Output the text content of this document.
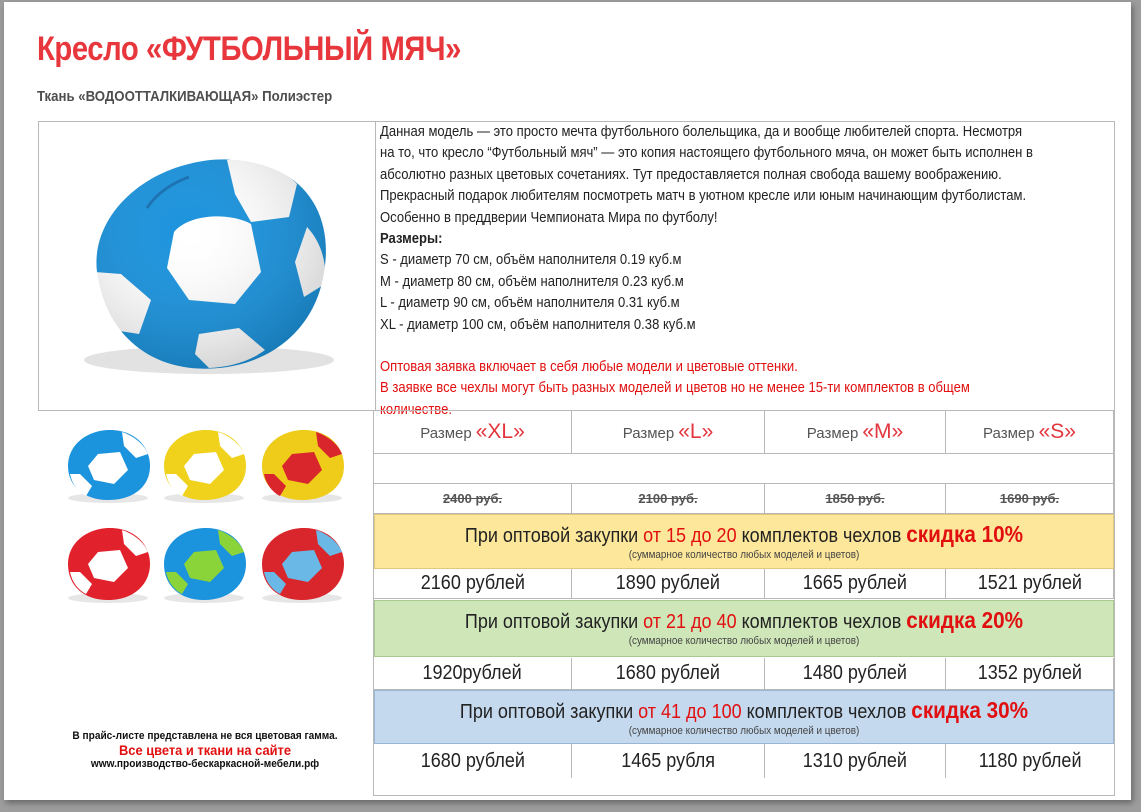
Кресло «ФУТБОЛЬНЫЙ МЯЧ»
Ткань «ВОДООТТАЛКИВАЮЩАЯ» Полиэстер

Данная модель — это просто мечта футбольного болельщика, да и вообще любителей спорта. Несмотря на то, что кресло “Футбольный мяч” — это копия настоящего футбольного мяча, он может быть исполнен в абсолютно разных цветовых сочетаниях. Тут предоставляется полная свобода вашему воображению. Прекрасный подарок любителям посмотреть матч в уютном кресле или юным начинающим футболистам. Особенно в преддверии Чемпионата Мира по футболу!

Размеры:

S - диаметр 70 см, объём наполнителя 0.19 куб.м

M - диаметр 80 см, объём наполнителя 0.23 куб.м

L - диаметр 90 см, объём наполнителя 0.31 куб.м

XL - диаметр 100 см, объём наполнителя 0.38 куб.м

Оптовая заявка включает в себя любые модели и цветовые оттенки.

В заявке все чехлы могут быть разных моделей и цветов но не менее 15-ти комплектов в общем количестве.

Размер «XL»	Размер «L»	Размер «M»	Размер «S»
2400 руб.	2100 руб.	1850 руб.	1690 руб.
При оптовой закупки от 15 до 20 комплектов чехлов скидка 10%
(суммарное количество любых моделей и цветов)
2160 рублей	1890 рублей	1665 рублей	1521 рублей
При оптовой закупки от 21 до 40 комплектов чехлов скидка 20%
(суммарное количество любых моделей и цветов)
1920рублей	1680 рублей	1480 рублей	1352 рублей
При оптовой закупки от 41 до 100 комплектов чехлов скидка 30%
(суммарное количество любых моделей и цветов)
1680 рублей	1465 рубля	1310 рублей	1180 рублей
В прайс-листе представлена не вся цветовая гамма.
Все цвета и ткани на сайте
www.производство-бескаркасной-мебели.рф
